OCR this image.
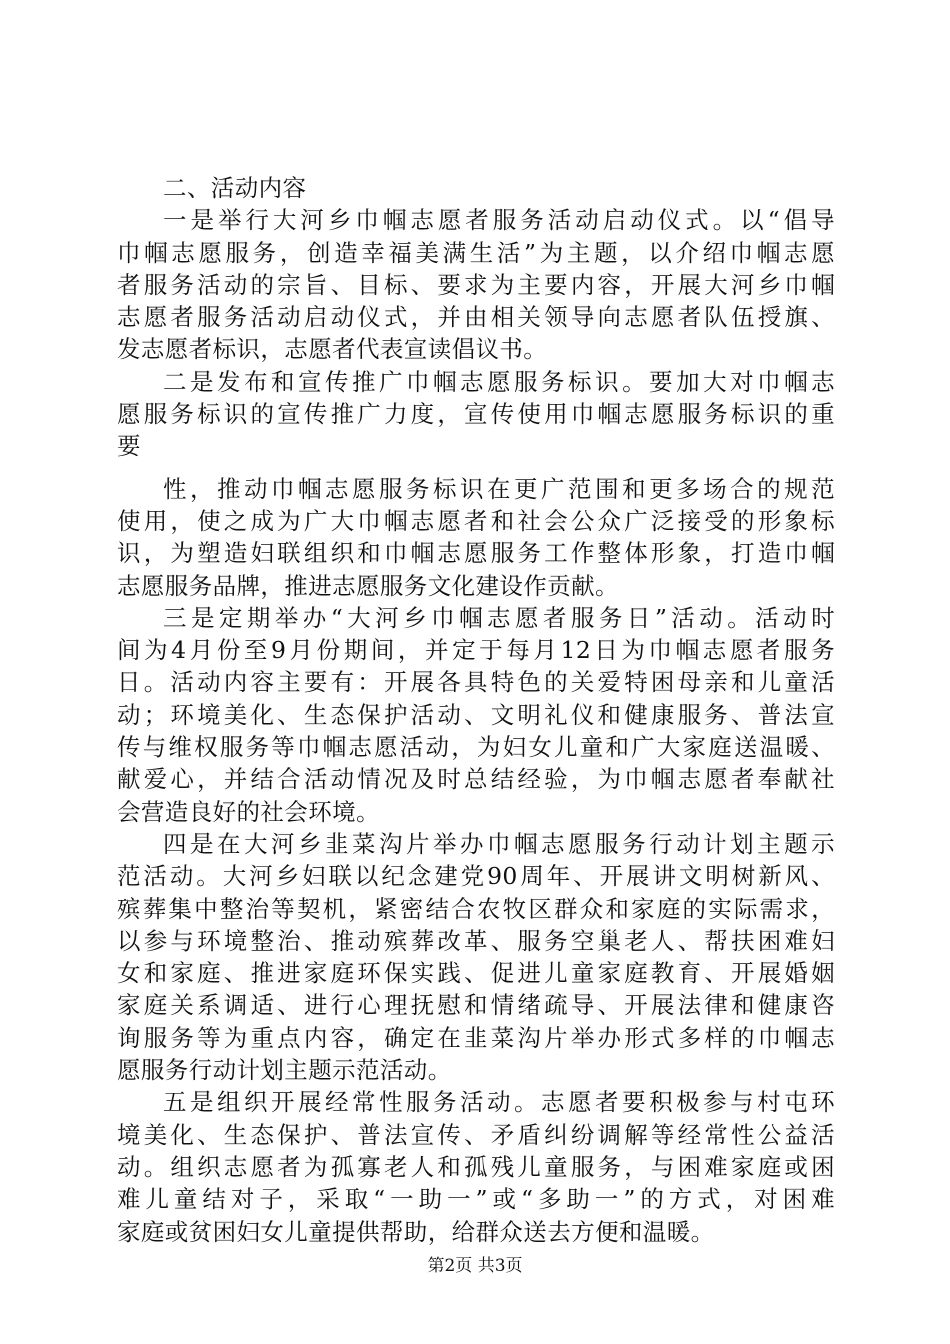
二、活动内容
一是举行大河乡巾帼志愿者服务活动启动仪式。以“倡导
巾帼志愿服务，创造幸福美满生活”为主题，以介绍巾帼志愿
者服务活动的宗旨、目标、要求为主要内容，开展大河乡巾帼
志愿者服务活动启动仪式，并由相关领导向志愿者队伍授旗、
发志愿者标识，志愿者代表宣读倡议书。
二是发布和宣传推广巾帼志愿服务标识。要加大对巾帼志
愿服务标识的宣传推广力度，宣传使用巾帼志愿服务标识的重
要
性，推动巾帼志愿服务标识在更广范围和更多场合的规范
使用，使之成为广大巾帼志愿者和社会公众广泛接受的形象标
识，为塑造妇联组织和巾帼志愿服务工作整体形象，打造巾帼
志愿服务品牌，推进志愿服务文化建设作贡献。
三是定期举办“大河乡巾帼志愿者服务日”活动。活动时
间为4月份至9月份期间，并定于每月12日为巾帼志愿者服务
日。活动内容主要有：开展各具特色的关爱特困母亲和儿童活
动；环境美化、生态保护活动、文明礼仪和健康服务、普法宣
传与维权服务等巾帼志愿活动，为妇女儿童和广大家庭送温暖、
献爱心，并结合活动情况及时总结经验，为巾帼志愿者奉献社
会营造良好的社会环境。
四是在大河乡韭菜沟片举办巾帼志愿服务行动计划主题示
范活动。大河乡妇联以纪念建党90周年、开展讲文明树新风、
殡葬集中整治等契机，紧密结合农牧区群众和家庭的实际需求，
以参与环境整治、推动殡葬改革、服务空巢老人、帮扶困难妇
女和家庭、推进家庭环保实践、促进儿童家庭教育、开展婚姻
家庭关系调适、进行心理抚慰和情绪疏导、开展法律和健康咨
询服务等为重点内容，确定在韭菜沟片举办形式多样的巾帼志
愿服务行动计划主题示范活动。
五是组织开展经常性服务活动。志愿者要积极参与村屯环
境美化、生态保护、普法宣传、矛盾纠纷调解等经常性公益活
动。组织志愿者为孤寡老人和孤残儿童服务，与困难家庭或困
难儿童结对子，采取“一助一”或“多助一”的方式，对困难
家庭或贫困妇女儿童提供帮助，给群众送去方便和温暖。
第2页 共3页
